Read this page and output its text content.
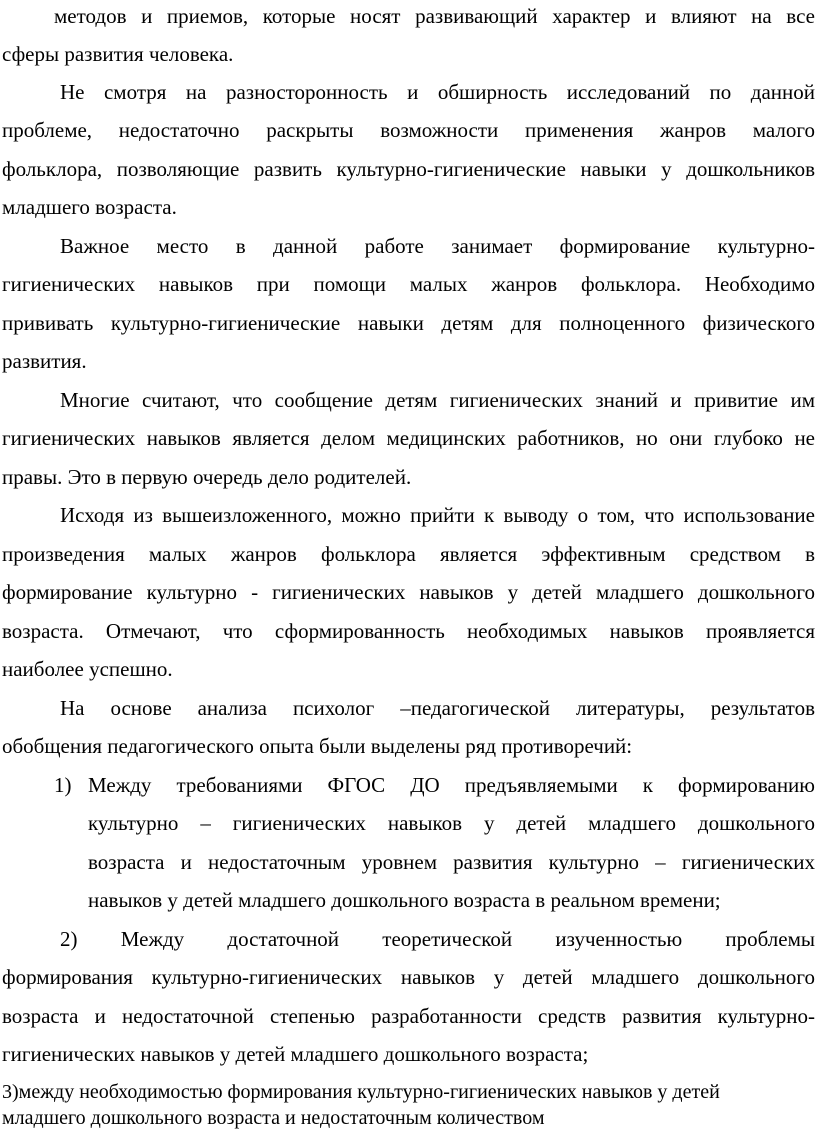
методов и приемов, которые носят развивающий характер и влияют на все

сферы развития человека.

Не смотря на разносторонность и обширность исследований по данной

проблеме, недостаточно раскрыты возможности применения жанров малого

фольклора, позволяющие развить культурно-гигиенические навыки у дошкольников

младшего возраста.

Важное место в данной работе занимает формирование культурно-

гигиенических навыков при помощи малых жанров фольклора. Необходимо

прививать культурно-гигиенические навыки детям для полноценного физического

развития.

Многие считают, что сообщение детям гигиенических знаний и привитие им

гигиенических навыков является делом медицинских работников, но они глубоко не

правы. Это в первую очередь дело родителей.

Исходя из вышеизложенного, можно прийти к выводу о том, что использование

произведения малых жанров фольклора является эффективным средством в

формирование культурно - гигиенических навыков у детей младшего дошкольного

возраста. Отмечают, что сформированность необходимых навыков проявляется

наиболее успешно.

На основе анализа психолог –педагогической литературы, результатов

обобщения педагогического опыта были выделены ряд противоречий:

1) Между требованиями ФГОС ДО предъявляемыми к формированию

культурно – гигиенических навыков у детей младшего дошкольного

возраста и недостаточным уровнем развития культурно – гигиенических

навыков у детей младшего дошкольного возраста в реальном времени;

2) Между достаточной теоретической изученностью проблемы

формирования культурно-гигиенических навыков у детей младшего дошкольного

возраста и недостаточной степенью разработанности средств развития культурно-

гигиенических навыков у детей младшего дошкольного возраста;

3)между необходимостью формирования культурно-гигиенических навыков у детей

младшего дошкольного возраста и недостаточным количеством
